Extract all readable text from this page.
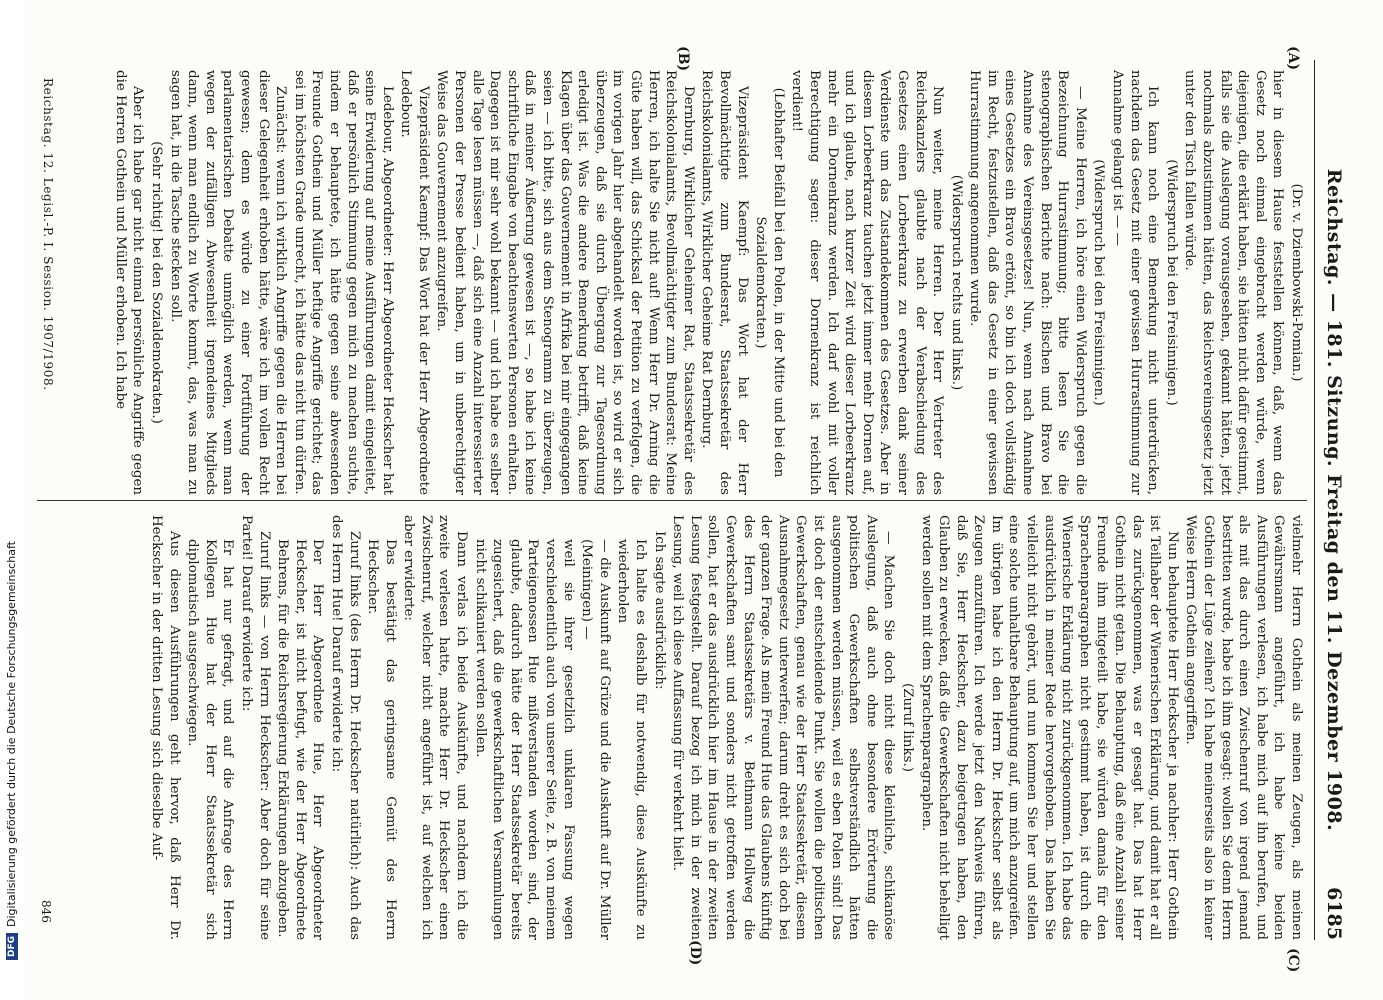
Reichstag. — 181. Sitzung. Freitag den 11. Dezember 1908.
6185
(A)
(B)
(C)
(D)

(Dr. v. Dziembowski-Pomian.)

hier in diesem Hause feststellen können, daß, wenn das Gesetz noch einmal eingebracht werden würde, wenn diejenigen, die erklärt haben, sie hätten nicht dafür gestimmt, falls sie die Auslegung vorausgesehen, gekannt hätten, jetzt nochmals abzustimmen hätten, das Reichsvereinsgesetz jetzt unter den Tisch fallen würde.

(Widerspruch bei den Freisinnigen.)

Ich kann noch eine Bemerkung nicht unterdrücken, nachdem das Gesetz mit einer gewissen Hurrastimmung zur Annahme gelangt ist — —

(Widerspruch bei den Freisinnigen.)

— Meine Herren, ich höre einen Widerspruch gegen die Bezeichnung Hurrastimmung; bitte lesen Sie die stenographischen Berichte nach: Bischen und Bravo bei Annahme des Vereinsgesetzes! Nun, wenn nach Annahme eines Gesetzes ein Bravo ertönt, so bin ich doch vollständig im Recht, festzustellen, daß das Gesetz in einer gewissen Hurrastimmung angenommen wurde.

(Widerspruch rechts und links.)

Nun weiter, meine Herren. Der Herr Vertreter des Reichskanzlers glaubte nach der Verabschiedung des Gesetzes einen Lorbeerkranz zu erwerben dank seiner Verdienste um das Zustandekommen des Gesetzes. Aber in diesem Lorbeerkranz tauchen jetzt immer mehr Dornen auf, und ich glaube, nach kurzer Zeit wird dieser Lorbeerkranz mehr ein Dornenkranz werden. Ich darf wohl mit voller Berechtigung sagen: dieser Dornenkranz ist reichlich verdient!

(Lebhafter Beifall bei den Polen, in der Mitte und bei den Sozialdemokraten.)

Vizepräsident Kaempf: Das Wort hat der Herr Bevollmächtigte zum Bundesrat, Staatssekretär des Reichskolonialamts, Wirklicher Geheime Rat Dernburg.

Dernburg, Wirklicher Geheimer Rat, Staatssekretär des Reichskolonialamts, Bevollmächtigter zum Bundesrat: Meine Herren, ich halte Sie nicht auf! Wenn Herr Dr. Arning die Güte haben will, das Schicksal der Petition zu verfolgen, die im vorigen Jahr hier abgehandelt worden ist, so wird er sich überzeugen, daß sie durch Übergang zur Tagesordnung erledigt ist. Was die andere Bemerkung betrifft, daß keine Klagen über das Gouvernement in Afrika bei mir eingegangen seien — ich bitte, sich aus dem Stenogramm zu überzeugen, daß in meiner Äußerung gewesen ist —, so habe ich keine schriftliche Eingabe von beachtenswerten Personen erhalten. Dagegen ist mir sehr wohl bekannt — und ich habe es selber alle Tage lesen müssen —, daß sich eine Anzahl interessierter Personen der Presse bedient haben, um in unberechtigter Weise das Gouvernement anzugreifen.

Vizepräsident Kaempf: Das Wort hat der Herr Abgeordnete Ledebour.

Ledebour, Abgeordneter: Herr Abgeordneter Heckscher hat seine Erwiderung auf meine Ausführungen damit eingeleitet, daß er persönlich Stimmung gegen mich zu machen suchte, indem er behauptete, ich hätte gegen seine abwesenden Freunde Gothein und Müller heftige Angriffe gerichtet; das sei im höchsten Grade unrecht, ich hätte das nicht tun dürfen.

Zunächst: wenn ich wirklich Angriffe gegen die Herren bei dieser Gelegenheit erhoben hätte, wäre ich im vollen Recht gewesen; denn es würde zu einer Fortführung der parlamentarischen Debatte unmöglich werden, wenn man wegen der zufälligen Abwesenheit irgendeines Mitglieds dann, wenn man endlich zu Worte kommt, das, was man zu sagen hat, in die Tasche stecken soll.

(Sehr richtig! bei den Sozialdemokraten.)

Aber ich habe gar nicht einmal persönliche Angriffe gegen die Herren Gothein und Müller erhoben. Ich habe

vielmehr Herrn Gothein als meinen Zeugen, als meinen Gewährsmann angeführt, ich habe keine beiden Ausführungen verlesen, ich habe mich auf ihn berufen, und als mit das durch einen Zwischenruf von irgend jemand bestritten wurde, habe ich ihm gesagt: wollen Sie denn Herrn Gothein der Lüge zeihen? Ich habe meinerseits also in keiner Weise Herrn Gothein angegriffen.

Nun behauptete Herr Heckscher ja nachher: Herr Gothein ist Teilhaber der Wienerischen Erklärung, und damit hat er all das zurückgenommen, was er gesagt hat. Das hat Herr Gothein nicht getan. Die Behauptung, daß eine Anzahl seiner Freunde ihm mitgeteilt habe, sie würden damals für den Sprachenparagraphen nicht gestimmt haben, ist durch die Wienerische Erklärung nicht zurückgenommen. Ich habe das ausdrücklich in meiner Rede hervorgehoben. Das haben Sie vielleicht nicht gehört, und nun kommen Sie her und stellen eine solche unhaltbare Behauptung auf, um mich anzugreifen. Im übrigen habe ich den Herrn Dr. Heckscher selbst als Zeugen anzuführen. Ich werde jetzt den Nachweis führen, daß Sie, Herr Heckscher, dazu beigetragen haben, den Glauben zu erwecken, daß die Gewerkschaften nicht behelligt werden sollen mit dem Sprachenparagraphen.

(Zuruf links.)

— Machen Sie doch nicht diese kleinliche, schikanöse Auslegung, daß auch ohne besondere Erörterung die politischen Gewerkschaften selbstverständlich hätten ausgenommen werden müssen, weil es eben Polen sind! Das ist doch der entscheidende Punkt. Sie wollen die politischen Gewerkschaften, genau wie der Herr Staatssekretär, diesem Ausnahmegesetz unterwerfen; darum dreht es sich doch bei der ganzen Frage. Als mein Freund Hue das Glaubens künftig des Herrn Staatssekretärs v. Bethmann Hollweg die Gewerkschaften samt und sonders nicht getroffen werden sollen, hat er das ausdrücklich hier im Hause in der zweiten Lesung festgestellt. Darauf bezog ich mich in der zweiten Lesung, weil ich diese Auffassung für verkehrt hielt.

Ich sagte ausdrücklich:

Ich halte es deshalb für notwendig, diese Auskünfte zu wiederholen

— die Auskunft auf Grüze und die Auskunft auf Dr. Müller (Meiningen) —

weil sie ihrer gesetzlich unklaren Fassung wegen verschiedentlich auch von unserer Seite, z. B. von meinem Parteigenossen Hue mißverstanden worden sind, der glaubte, dadurch hätte der Herr Staatssekretär bereits zugesichert, daß die gewerkschaftlichen Versammlungen nicht schikaniert werden sollen.

Dann verlas ich beide Auskünfte, und nachdem ich die zweite verlesen hatte, machte Herr Dr. Heckscher einen Zwischenruf, welcher nicht angeführt ist, auf welchen ich aber erwiderte:

Das bestätigt das geringsame Gemüt des Herrn Heckscher.

Zuruf links (des Herrn Dr. Heckscher natürlich): Auch das des Herrn Hue! Darauf erwiderte ich:

Der Herr Abgeordnete Hue, Herr Abgeordneter Heckscher, ist nicht befugt, wie der Herr Abgeordnete Behrens, für die Reichsregierung Erklärungen abzugeben.

Zuruf links — von Herrn Heckscher: Aber doch für seine Partei! Darauf erwiderte ich:

Er hat nur gefragt, und auf die Anfrage des Herrn Kollegen Hue hat der Herr Staatssekretär sich diplomatisch ausgeschwiegen.

Aus diesen Ausführungen geht hervor, daß Herr Dr. Heckscher in der dritten Lesung sich dieselbe Auf-

Reichstag. 12. Legisl.-P. I. Session. 1907/1908.
846
DFGDigitalisierung gefördert durch die Deutsche Forschungsgemeinschaft
